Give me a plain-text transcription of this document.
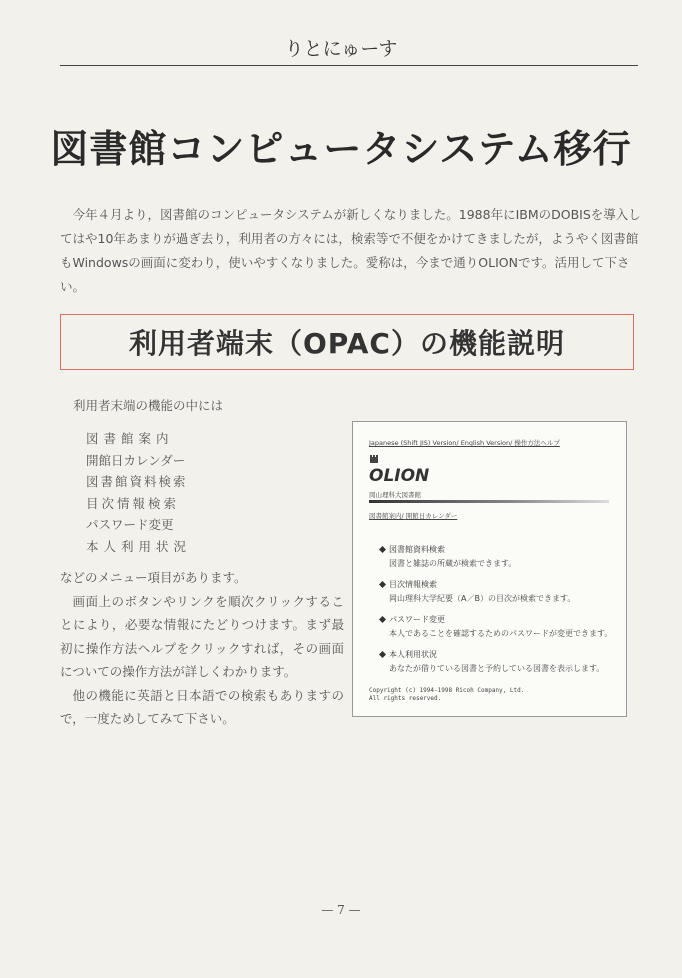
りとにゅーす
図書館コンピュータシステム移行
今年４月より，図書館のコンピュータシステムが新しくなりました。1988年にIBMのDOBISを導入してはや10年あまりが過ぎ去り，利用者の方々には，検索等で不便をかけてきましたが，ようやく図書館もWindowsの画面に変わり，使いやすくなりました。愛称は，今まで通りOLIONです。活用して下さい。
利用者端末（OPAC）の機能説明
利用者末端の機能の中には
図書館案内
開館日カレンダー
図書館資料検索
目次情報検索
パスワード変更
本人利用状況

などのメニュー項目があります。

画面上のボタンやリンクを順次クリックすることにより，必要な情報にたどりつけます。まず最初に操作方法ヘルプをクリックすれば，その画面についての操作方法が詳しくわかります。

他の機能に英語と日本語での検索もありますので，一度ためしてみて下さい。

Japanese (Shift JIS) Version/ English Version/ 操作方法ヘルプ
OLION
岡山理科大図書館
図書館案内/ 開館日カレンダー
図書館資料検索
図書と雑誌の所蔵が検索できます。
目次情報検索
岡山理科大学紀要（A／B）の目次が検索できます。
パスワード変更
本人であることを確認するためのパスワードが変更できます。
本人利用状況
あなたが借りている図書と予約している図書を表示します。
Copyright (c) 1994-1998 Ricoh Company, Ltd.
All rights reserved.
— 7 —
